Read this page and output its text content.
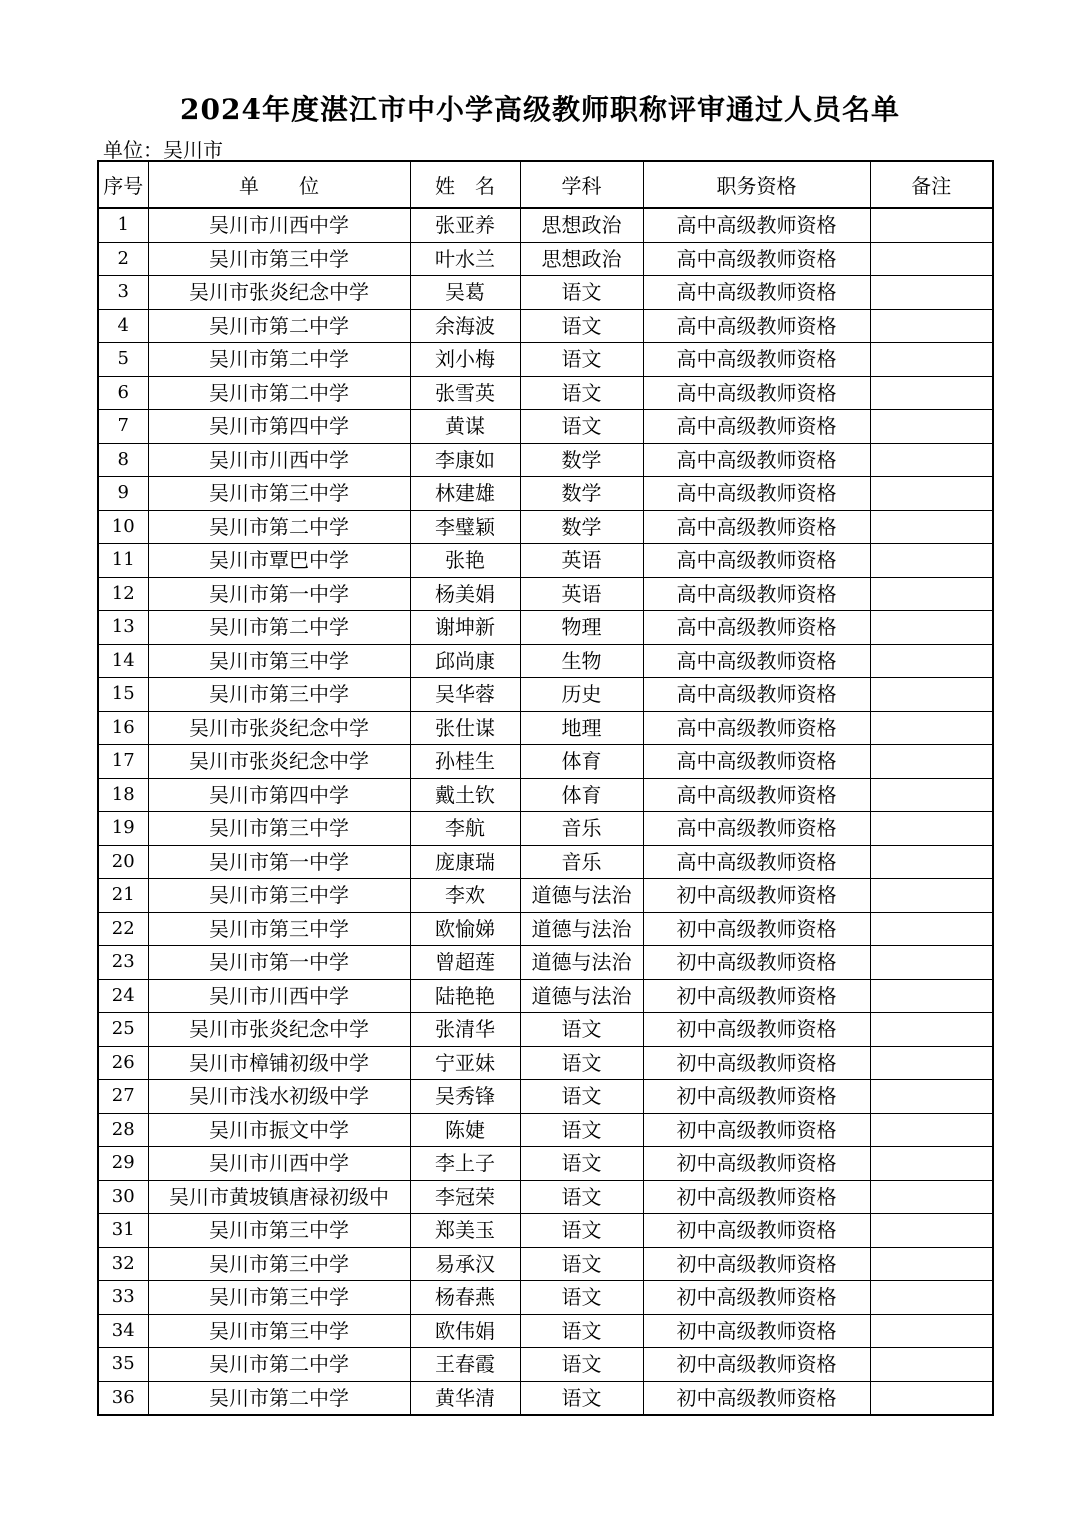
2024年度湛江市中小学高级教师职称评审通过人员名单
单位：吴川市
序号	单　　位	姓　名	学科	职务资格	备注
1	吴川市川西中学	张亚养	思想政治	高中高级教师资格	
2	吴川市第三中学	叶水兰	思想政治	高中高级教师资格	
3	吴川市张炎纪念中学	吴葛	语文	高中高级教师资格	
4	吴川市第二中学	余海波	语文	高中高级教师资格	
5	吴川市第二中学	刘小梅	语文	高中高级教师资格	
6	吴川市第二中学	张雪英	语文	高中高级教师资格	
7	吴川市第四中学	黄谋	语文	高中高级教师资格	
8	吴川市川西中学	李康如	数学	高中高级教师资格	
9	吴川市第三中学	林建雄	数学	高中高级教师资格	
10	吴川市第二中学	李璧颖	数学	高中高级教师资格	
11	吴川市覃巴中学	张艳	英语	高中高级教师资格	
12	吴川市第一中学	杨美娟	英语	高中高级教师资格	
13	吴川市第二中学	谢坤新	物理	高中高级教师资格	
14	吴川市第三中学	邱尚康	生物	高中高级教师资格	
15	吴川市第三中学	吴华蓉	历史	高中高级教师资格	
16	吴川市张炎纪念中学	张仕谋	地理	高中高级教师资格	
17	吴川市张炎纪念中学	孙桂生	体育	高中高级教师资格	
18	吴川市第四中学	戴土钦	体育	高中高级教师资格	
19	吴川市第三中学	李航	音乐	高中高级教师资格	
20	吴川市第一中学	庞康瑞	音乐	高中高级教师资格	
21	吴川市第三中学	李欢	道德与法治	初中高级教师资格	
22	吴川市第三中学	欧愉娣	道德与法治	初中高级教师资格	
23	吴川市第一中学	曾超莲	道德与法治	初中高级教师资格	
24	吴川市川西中学	陆艳艳	道德与法治	初中高级教师资格	
25	吴川市张炎纪念中学	张清华	语文	初中高级教师资格	
26	吴川市樟铺初级中学	宁亚妹	语文	初中高级教师资格	
27	吴川市浅水初级中学	吴秀锋	语文	初中高级教师资格	
28	吴川市振文中学	陈婕	语文	初中高级教师资格	
29	吴川市川西中学	李上子	语文	初中高级教师资格	
30	吴川市黄坡镇唐禄初级中	李冠荣	语文	初中高级教师资格	
31	吴川市第三中学	郑美玉	语文	初中高级教师资格	
32	吴川市第三中学	易承汉	语文	初中高级教师资格	
33	吴川市第三中学	杨春燕	语文	初中高级教师资格	
34	吴川市第三中学	欧伟娟	语文	初中高级教师资格	
35	吴川市第二中学	王春霞	语文	初中高级教师资格	
36	吴川市第二中学	黄华清	语文	初中高级教师资格	
